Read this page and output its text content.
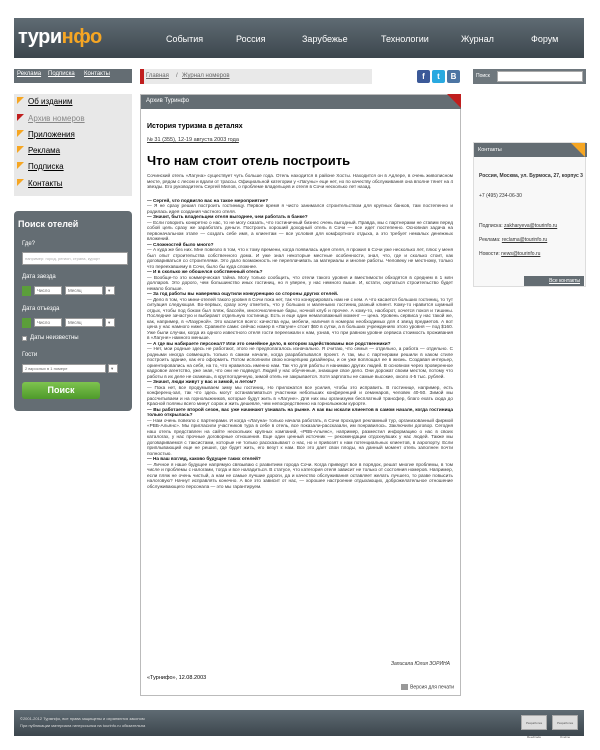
туринфо	События	Россия	Зарубежье	Технологии	Журнал	Форум
Реклама Подписка Контакты	Главная / Журнал номеров	f	t	B	Поиск
Об изданим
Архив номеров
Приложения
Реклама
Подписка
Контакты
Поиск отелей
Где?
например: город, регион, страна, курорт
Дата заезда
Число	Месяц	▾
Дата отъезда
Число	Месяц	▾
Даты неизвестны
Гости
2 взрослых в 1 номере	▾
Поиск
Архив Туринфо
История туризма в деталях
№ 31 (355), 12-19 августа 2003 года
Что нам стоит отель построить

Сочинский отель «Лагуна» существует чуть больше года. Отель находится в районе Хосты. Находится он в Адлере, в очень живописном месте, рядом с лесом и вдали от трассы. Официальной категории у «Лагуны» еще нет, но по качеству обслуживания она вполне тянет на 4 звезды. Его руководитель Сергей Милов, о проблеме владельцев и отеля в Сочи несколько лет назад.

— Сергей, что подвигло вас на такое мероприятие?

— Я не сразу решил построить гостиницу. Первое время я чисто занимался строительством для крупных банков, там постепенно и родилась идея создания частного отеля.

— Значит, быть владельцем отеля выгоднее, чем работать в банке?

— Если говорить конкретно о нас, то не могу сказать, что гостиничный бизнес очень выгодный. Правда, мы с партнерами не ставим перед собой цель сразу же заработать деньги. Построить хороший доходный отель в Сочи — все идет постепенно. Основная задача на первоначальном этапе — создать себе имя, а клиентам — все условия для комфортного отдыха, а это требует немалых денежных вложений.

— Сложностей было много?

— А куда же без них. Мне повезло в том, что к тому времени, когда появилась идея отеля, я прожил в Сочи уже несколько лет, плюс у меня был опыт строительства собственного дома. И уже знал некоторые местные особенности, знал, что, где и сколько стоит, как договариваться со строителями. Это дало возможность не переплачивать за материалы и многие работы. Человеку не местному, только что переехавшему в Сочи, было бы куда сложнее.

— И в сколько же обошелся собственный отель?

— Вообще-то это коммерческая тайна. Могу только сообщить, что отели такого уровня и вместимости обходятся в среднем в 1 млн долларов. Это дорого, чем большинство иных гостиниц, но я уверен, у нас немного выше. И, кстати, окупаться строительство будет немало больше.

— За год работы вы наверняка ощутили конкуренцию со стороны других отелей.

— Дело в том, что мини-отелей такого уровня в Сочи пока нет, так что конкурировать нам не с кем. А что касается больших гостиниц, то тут ситуация следующая. Во-первых, сразу хочу отметить, что у больших и маленьких гостиниц разный клиент. Кому-то нравится шумный отдых, чтобы под боком был пляж, бассейн, многочисленные бары, ночной клуб и прочее. А кому-то, наоборот, хочется покоя и тишины. Последние зачастую и выбирают отдельную гостиницу. Есть и еще один немаловажный момент — цена. Уровень сервиса у нас такой же, как, например, в «Лазурной». Это касается всего: качества еды, мебели, наличия в номерах необходимых для 4 звезд предметов. А вот цена у нас намного ниже. Сравните сами: сейчас номер в «Лагуне» стоит $60 в сутки, а в больших учреждениях этого уровня — под $160. Уже были случаи, когда из одного известного отеля гости переезжали к нам, узнав, что при равном уровне сервиса стоимость проживания в «Лагуне» намного меньше.

— А где вы набираете персонал? Или это семейное дело, в котором задействованы все родственники?

— Нет, мои родные здесь не работают, этого не предполагалось изначально. Я считаю, что семья — отдельно, а работа — отдельно. С родными иногда совмещать только в самом начале, когда разрабатывался проект. А так, мы с партнерами решили в каком стиле построить здание, как его оформить. Потом исполнили свою концепцию дизайнеры, и он уже воплощал ее в жизнь. Создавая интерьер, ориентировались на себя, на то, что нравилось именно нам. Так что для работы я нанимаю других людей. В основном через проверенное кадровое агентство, уже зная, что они не подведут. Людей у нас обученные, знающие свое дело. Они дорожат своим местом, потому что работы в их деле не скажешь, в круглогодичную, зимой отель не закрывается. Хотя зарплаты не самые высокие, около 4-5 тыс. рублей.

— Значит, люди живут у вас и зимой, и летом?

— Пока нет, все продумываем зиму мы гостиниц. Но приложатся все усилия, чтобы это исправить. В гостинице, например, есть конференц-зал, так что здесь могут останавливаться участники небольших конференций и семинаров, человек 40-50. Зимой мы рассчитываем и на горнолыжников, которые будут жить в «Лагуне». Для них мы организуем бесплатный трансфер, благо ехать сюда до Красной поляны всего минут сорок и жить дешевле, чем непосредственно на горнолыжном курорте.

— Вы работаете второй сезон, вас уже начинают узнавать на рынке. А как вы искали клиентов в самом начале, когда гостиница только открылась?

— Нам очень повезло с партнерами. И когда «Лагуна» только начала работать, в Сочи проходил рекламный тур, организованный фирмой «РВБ-Альянс». Мы пригласили участников тура в себе в отель, все показали-рассказали, им понравилось. Заключили договор. Сегодня наш отель представлен на сайте нескольких крупных компаний, «РВБ-Альянс», например, разместил информацию о нас в своих каталогах, у нас прочные договорные отношения. Еще один ценный источник — рекомендации отдохнувших у нас людей. Также мы договариваемся с таксистами, которые не только рассказывают о нас, но и привозят к нам потенциальных клиентов, в аэропорту. Если приплывающий еще не решил, где будет жить, его везут к нам. Все это дает свои плоды, на данный момент отель заполнен почти полностью.

— На ваш взгляд, каково будущее таких отелей?

— Личное я наше будущее напрямую связываю с развитием города Сочи. Когда приведут все в порядок, решат многие проблемы, в том числе и проблемы с налогами, тогда и все наладиться. В статусе, что категория отеля зависит не только от состояния номеров. Например, если пляж не очень чистый, а нам не самые лучшие дороги, да и качество обслуживания оставляет желать лучшего, то разве повысить налоговую? Начнут исправлять конечно. А все это зависит от нас, — хорошее настроение отдыхающих, доброжелательное отношение обслуживающего персонала — это мы гарантируем.

Записала Юлия ЗОРИНА
«Турнифо», 12.08.2003
Версия для печати
Контакты
Россия, Москва, ул. Бурмоса, 27, корпус 3
+7 (495) 234-06-30
Подписка: zakharyeva@tourinfo.ru
Реклама: reclama@tourinfo.ru
Новости: news@tourinfo.ru
Все контакты
©2001-2012 Турмнфо, все права защищены и охраняются законом
При публикации материала гиперссылка на tourinfo.ru обязательна	Разработка Reedtrade
Разработка Oneline
